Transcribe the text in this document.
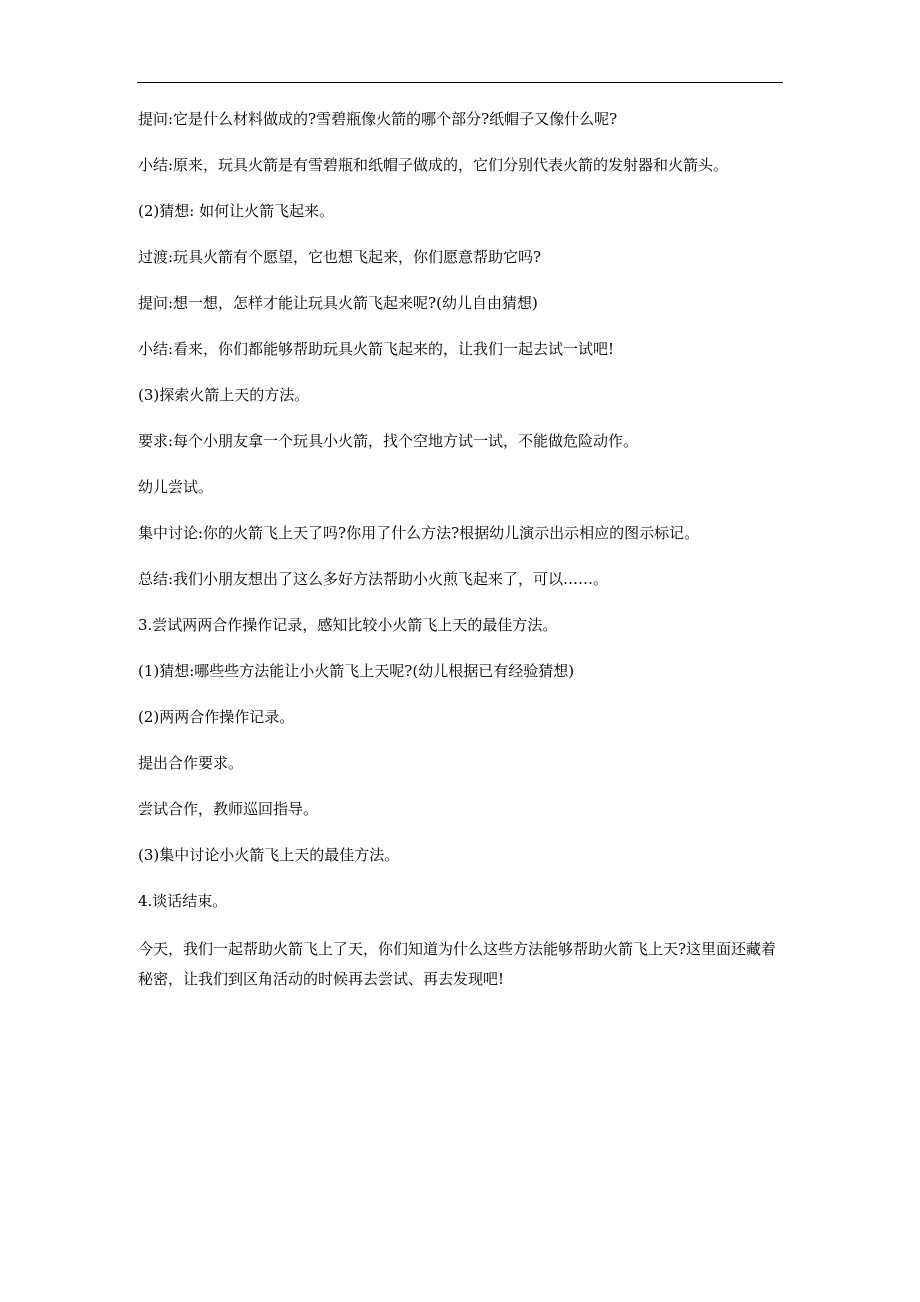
提问:它是什么材料做成的?雪碧瓶像火箭的哪个部分?纸帽子又像什么呢?

小结:原来，玩具火箭是有雪碧瓶和纸帽子做成的，它们分别代表火箭的发射器和火箭头。

(2)猜想: 如何让火箭飞起来。

过渡:玩具火箭有个愿望，它也想飞起来，你们愿意帮助它吗?

提问:想一想，怎样才能让玩具火箭飞起来呢?(幼儿自由猜想)

小结:看来，你们都能够帮助玩具火箭飞起来的，让我们一起去试一试吧!

(3)探索火箭上天的方法。

要求:每个小朋友拿一个玩具小火箭，找个空地方试一试，不能做危险动作。

幼儿尝试。

集中讨论:你的火箭飞上天了吗?你用了什么方法?根据幼儿演示出示相应的图示标记。

总结:我们小朋友想出了这么多好方法帮助小火煎飞起来了，可以……。

3.尝试两两合作操作记录，感知比较小火箭飞上天的最佳方法。

(1)猜想:哪些些方法能让小火箭飞上天呢?(幼儿根据已有经验猜想)

(2)两两合作操作记录。

提出合作要求。

尝试合作，教师巡回指导。

(3)集中讨论小火箭飞上天的最佳方法。

4.谈话结束。

今天，我们一起帮助火箭飞上了天，你们知道为什么这些方法能够帮助火箭飞上天?这里面还藏着秘密，让我们到区角活动的时候再去尝试、再去发现吧!
